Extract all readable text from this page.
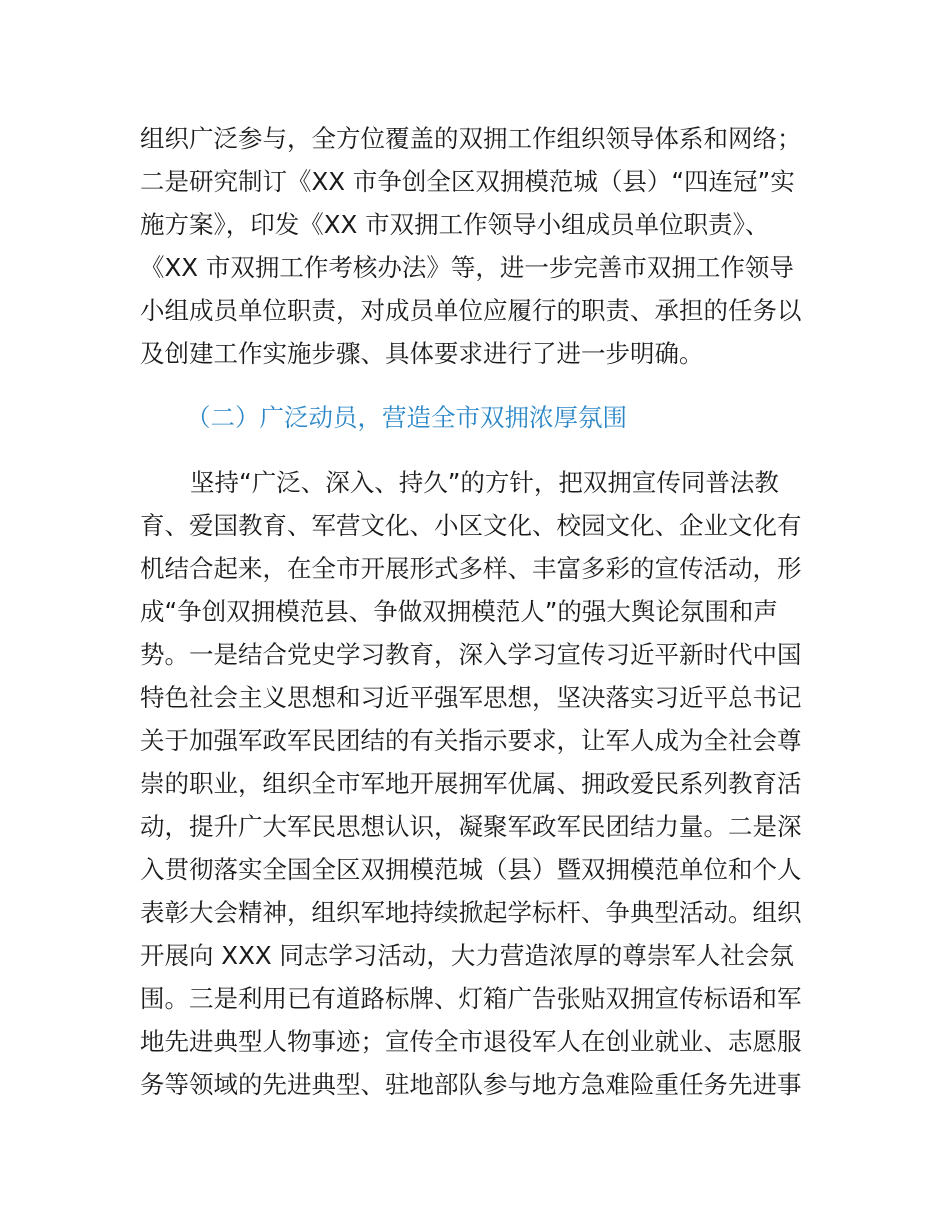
组织广泛参与，全方位覆盖的双拥工作组织领导体系和网络；
二是研究制订《XX 市争创全区双拥模范城（县）“四连冠”实
施方案》，印发《XX 市双拥工作领导小组成员单位职责》、
《XX 市双拥工作考核办法》等，进一步完善市双拥工作领导
小组成员单位职责，对成员单位应履行的职责、承担的任务以
及创建工作实施步骤、具体要求进行了进一步明确。
（二）广泛动员，营造全市双拥浓厚氛围
坚持“广泛、深入、持久”的方针，把双拥宣传同普法教
育、爱国教育、军营文化、小区文化、校园文化、企业文化有
机结合起来，在全市开展形式多样、丰富多彩的宣传活动，形
成“争创双拥模范县、争做双拥模范人”的强大舆论氛围和声
势。一是结合党史学习教育，深入学习宣传习近平新时代中国
特色社会主义思想和习近平强军思想，坚决落实习近平总书记
关于加强军政军民团结的有关指示要求，让军人成为全社会尊
崇的职业，组织全市军地开展拥军优属、拥政爱民系列教育活
动，提升广大军民思想认识，凝聚军政军民团结力量。二是深
入贯彻落实全国全区双拥模范城（县）暨双拥模范单位和个人
表彰大会精神，组织军地持续掀起学标杆、争典型活动。组织
开展向 XXX 同志学习活动，大力营造浓厚的尊崇军人社会氛
围。三是利用已有道路标牌、灯箱广告张贴双拥宣传标语和军
地先进典型人物事迹；宣传全市退役军人在创业就业、志愿服
务等领域的先进典型、驻地部队参与地方急难险重任务先进事
